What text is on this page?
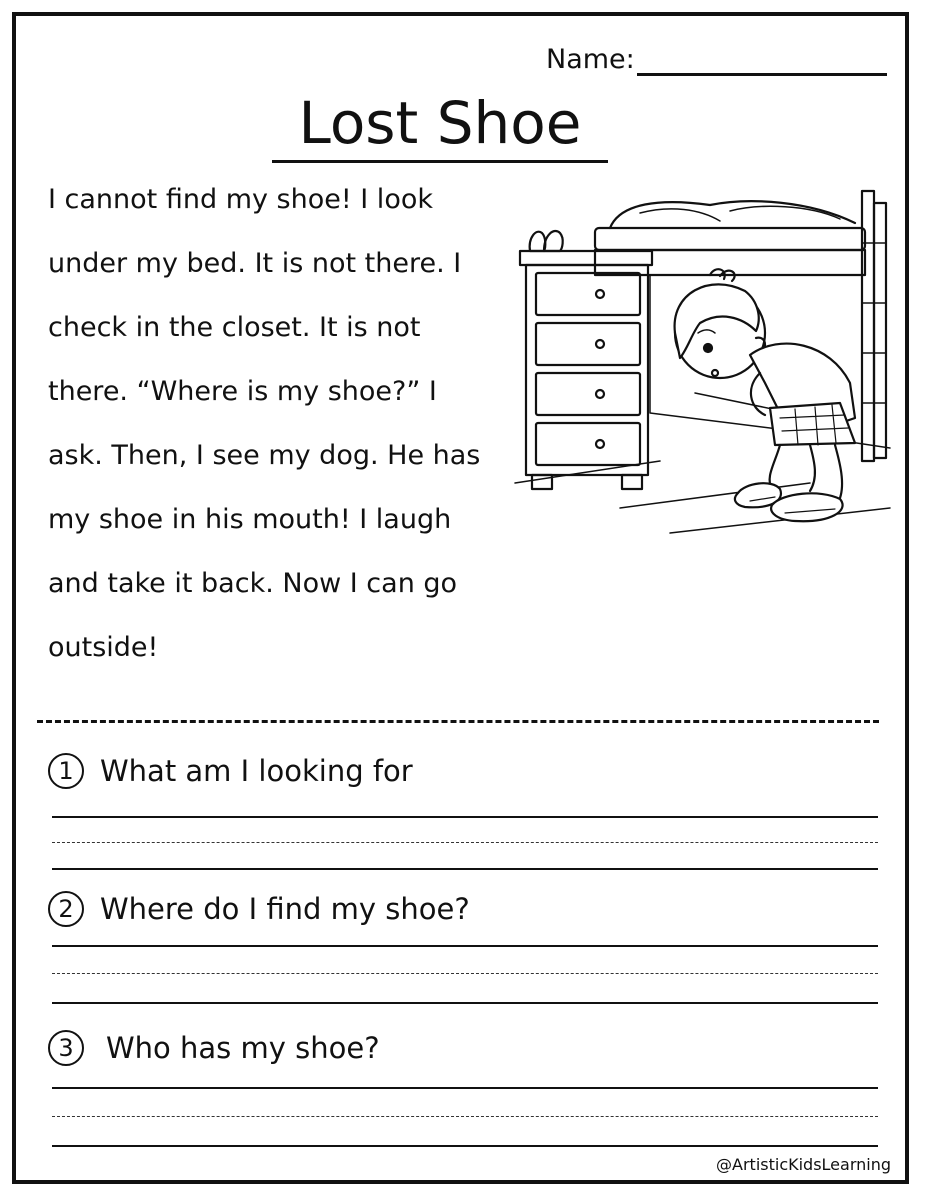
Name:
Lost Shoe
I cannot find my shoe! I look
under my bed. It is not there. I
check in the closet. It is not
there. “Where is my shoe?” I
ask. Then, I see my dog. He has
my shoe in his mouth! I laugh
and take it back. Now I can go
outside!
1 What am I looking for
2 Where do I find my shoe?
3	Who has my shoe?
@ArtisticKidsLearning
